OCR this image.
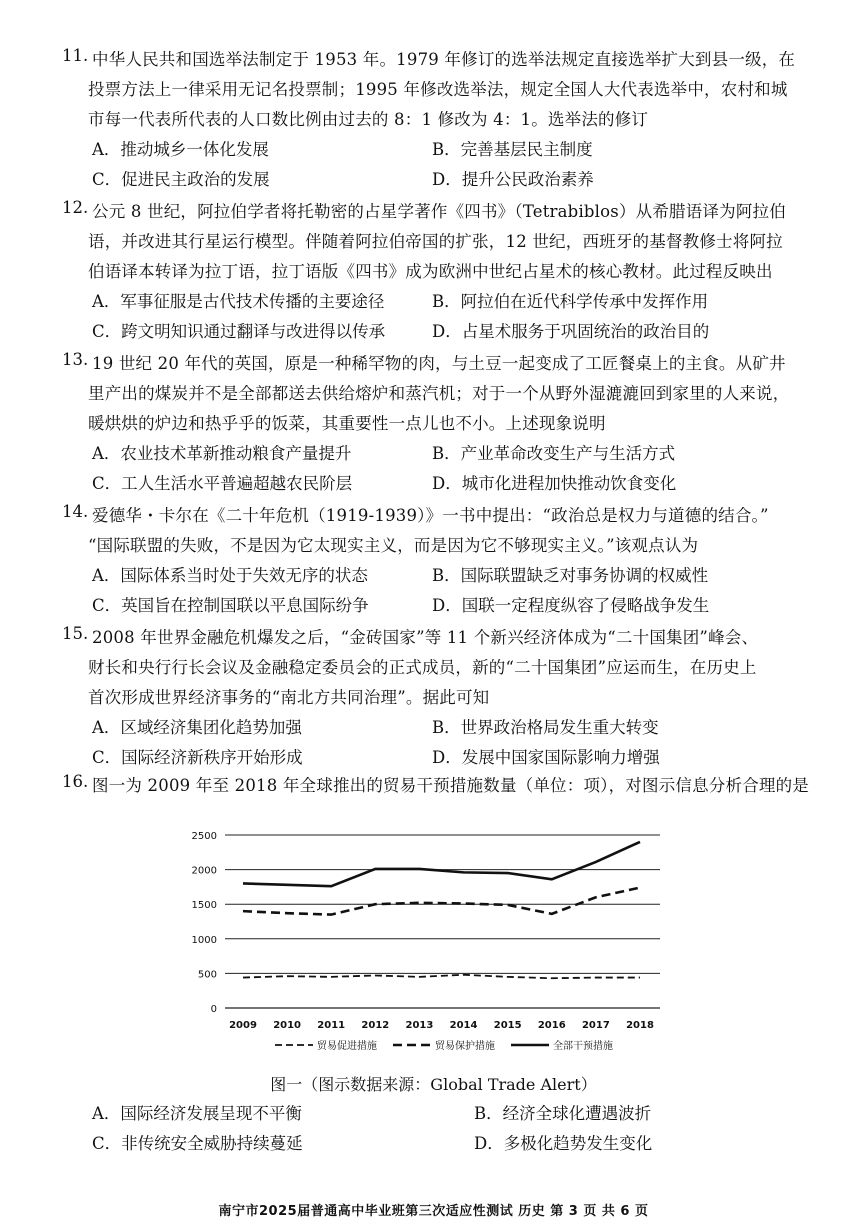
11. 中华人民共和国选举法制定于 1953 年。1979 年修订的选举法规定直接选举扩大到县一级，在
投票方法上一律采用无记名投票制；1995 年修改选举法，规定全国人大代表选举中，农村和城
市每一代表所代表的人口数比例由过去的 8：1 修改为 4：1。选举法的修订
A．推动城乡一体化发展	B．完善基层民主制度
C．促进民主政治的发展	D．提升公民政治素养
12. 公元 8 世纪，阿拉伯学者将托勒密的占星学著作《四书》（Tetrabiblos）从希腊语译为阿拉伯
语，并改进其行星运行模型。伴随着阿拉伯帝国的扩张，12 世纪，西班牙的基督教修士将阿拉
伯语译本转译为拉丁语，拉丁语版《四书》成为欧洲中世纪占星术的核心教材。此过程反映出
A．军事征服是古代技术传播的主要途径	B．阿拉伯在近代科学传承中发挥作用
C．跨文明知识通过翻译与改进得以传承	D．占星术服务于巩固统治的政治目的
13. 19 世纪 20 年代的英国，原是一种稀罕物的肉，与土豆一起变成了工匠餐桌上的主食。从矿井
里产出的煤炭并不是全部都送去供给熔炉和蒸汽机；对于一个从野外湿漉漉回到家里的人来说，
暖烘烘的炉边和热乎乎的饭菜，其重要性一点儿也不小。上述现象说明
A．农业技术革新推动粮食产量提升	B．产业革命改变生产与生活方式
C．工人生活水平普遍超越农民阶层	D．城市化进程加快推动饮食变化
14. 爱德华・卡尔在《二十年危机（1919-1939）》一书中提出：“政治总是权力与道德的结合。”
“国际联盟的失败，不是因为它太现实主义，而是因为它不够现实主义。”该观点认为
A．国际体系当时处于失效无序的状态	B．国际联盟缺乏对事务协调的权威性
C．英国旨在控制国联以平息国际纷争	D．国联一定程度纵容了侵略战争发生
15. 2008 年世界金融危机爆发之后，“金砖国家”等 11 个新兴经济体成为“二十国集团”峰会、
财长和央行行长会议及金融稳定委员会的正式成员，新的“二十国集团”应运而生，在历史上
首次形成世界经济事务的“南北方共同治理”。据此可知
A．区域经济集团化趋势加强	B．世界政治格局发生重大转变
C．国际经济新秩序开始形成	D．发展中国家国际影响力增强
16. 图一为 2009 年至 2018 年全球推出的贸易干预措施数量（单位：项），对图示信息分析合理的是
A．国际经济发展呈现不平衡	B．经济全球化遭遇波折
C．非传统安全威胁持续蔓延	D．多极化趋势发生变化
0
500
1000
1500
2000
2500
2009 2010 2011 2012 2013 2014 2015 2016 2017 2018
贸易促进措施	贸易保护措施	全部干预措施
图一（图示数据来源：Global Trade Alert）
南宁市2025届普通高中毕业班第三次适应性测试 历史 第 3 页 共 6 页
